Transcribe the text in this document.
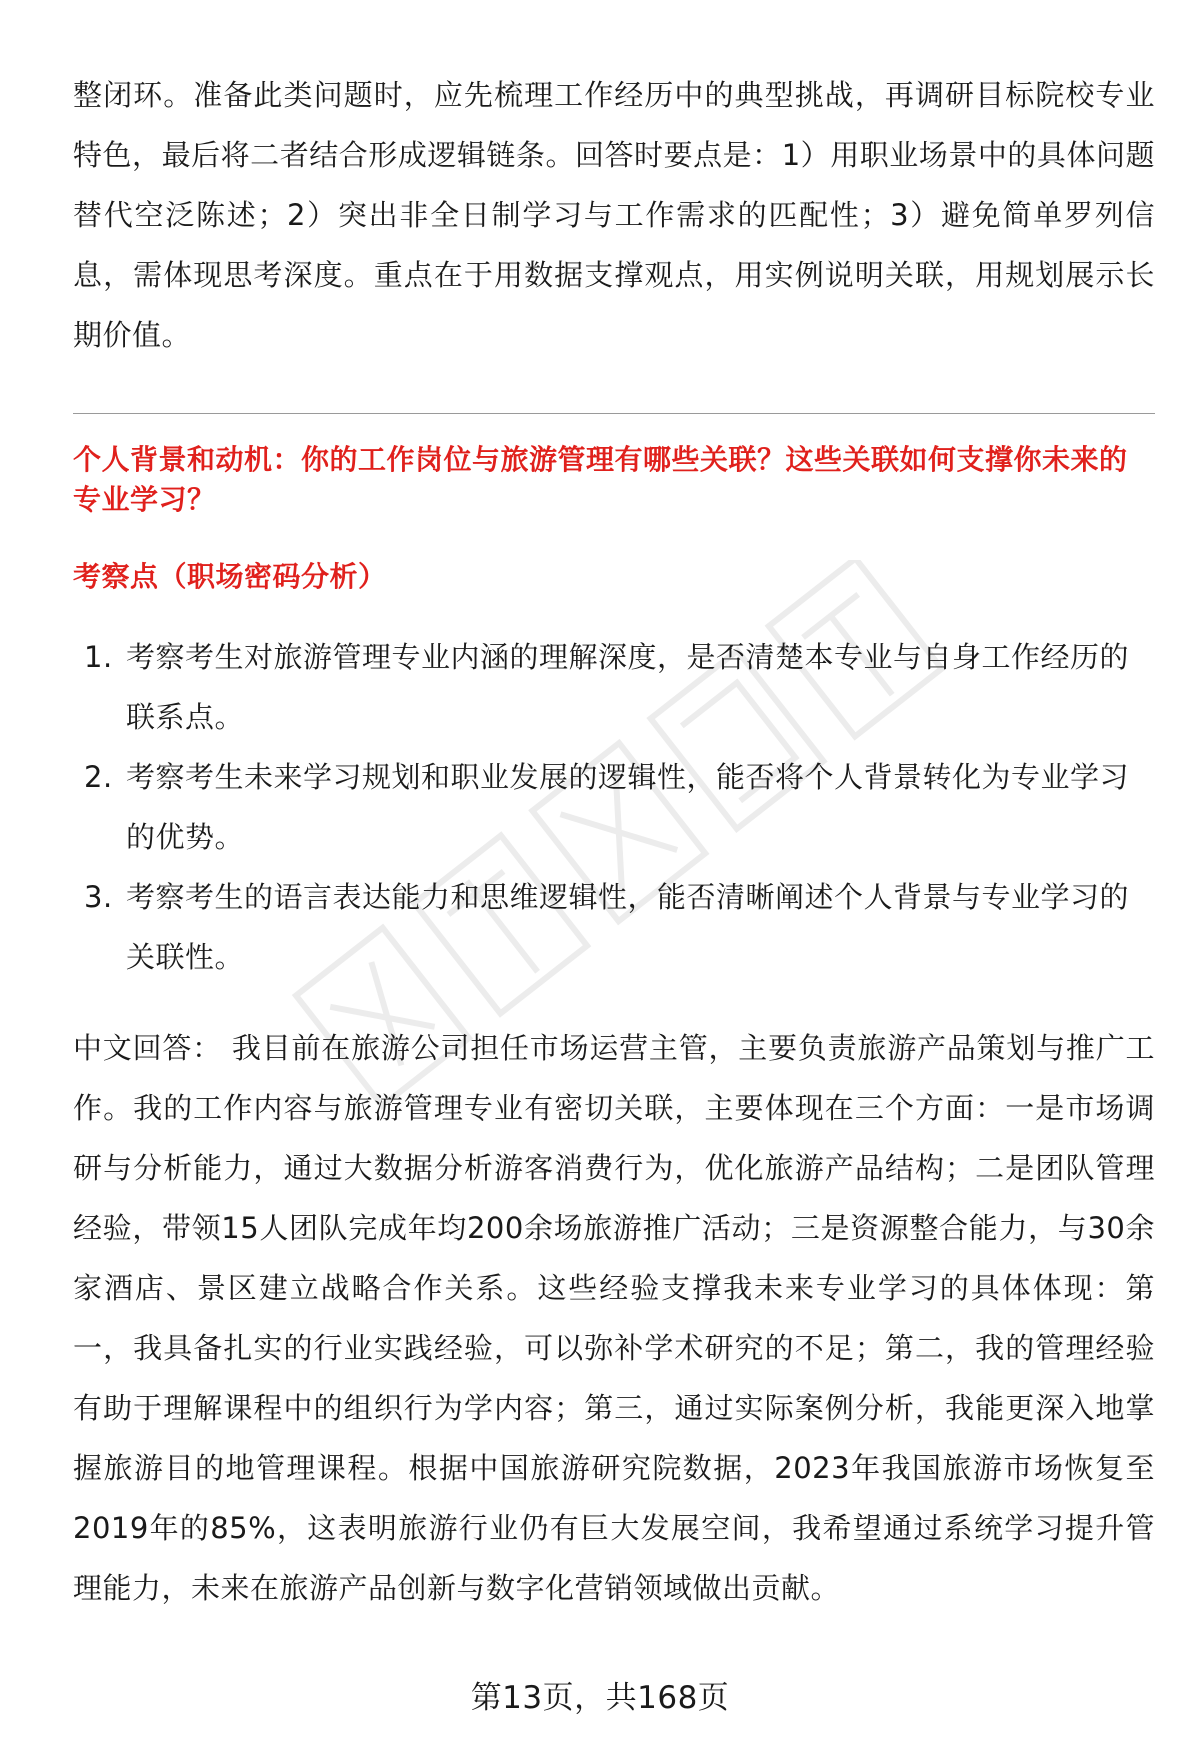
整闭环。准备此类问题时，应先梳理工作经历中的典型挑战，再调研目标院校专业特色，最后将二者结合形成逻辑链条。回答时要点是：1）用职业场景中的具体问题替代空泛陈述；2）突出非全日制学习与工作需求的匹配性；3）避免简单罗列信息，需体现思考深度。重点在于用数据支撑观点，用实例说明关联，用规划展示长期价值。

个人背景和动机：你的工作岗位与旅游管理有哪些关联？这些关联如何支撑你未来的专业学习？
考察点（职场密码分析）
1. 考察考生对旅游管理专业内涵的理解深度，是否清楚本专业与自身工作经历的联系点。
2. 考察考生未来学习规划和职业发展的逻辑性，能否将个人背景转化为专业学习的优势。
3. 考察考生的语言表达能力和思维逻辑性，能否清晰阐述个人背景与专业学习的关联性。

中文回答： 我目前在旅游公司担任市场运营主管，主要负责旅游产品策划与推广工作。我的工作内容与旅游管理专业有密切关联，主要体现在三个方面：一是市场调研与分析能力，通过大数据分析游客消费行为，优化旅游产品结构；二是团队管理经验，带领15人团队完成年均200余场旅游推广活动；三是资源整合能力，与30余家酒店、景区建立战略合作关系。这些经验支撑我未来专业学习的具体体现：第一，我具备扎实的行业实践经验，可以弥补学术研究的不足；第二，我的管理经验有助于理解课程中的组织行为学内容；第三，通过实际案例分析，我能更深入地掌握旅游目的地管理课程。根据中国旅游研究院数据，2023年我国旅游市场恢复至2019年的85%，这表明旅游行业仍有巨大发展空间，我希望通过系统学习提升管理能力，未来在旅游产品创新与数字化营销领域做出贡献。

第13页，共168页
